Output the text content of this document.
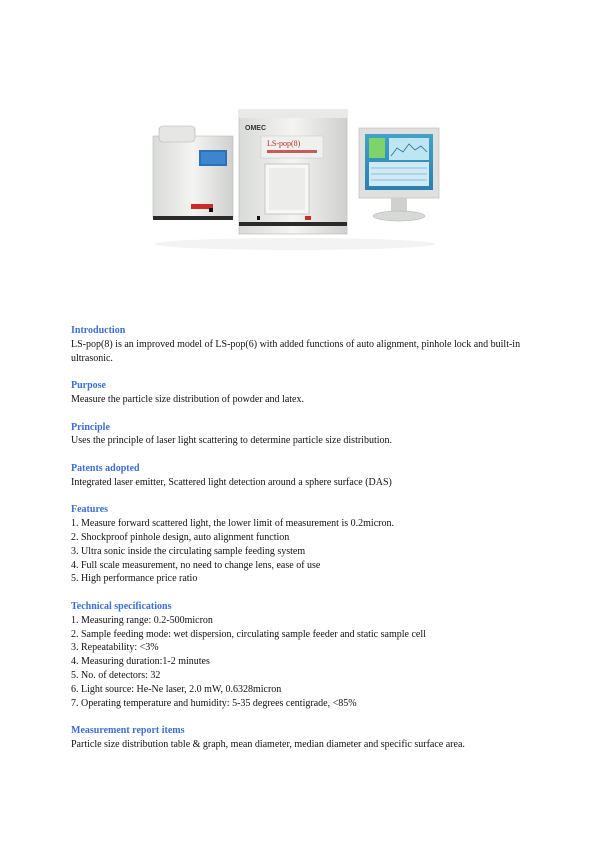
OMEC
LS-pop(8)

Introduction

LS-pop(8) is an improved model of LS-pop(6) with added functions of auto alignment, pinhole lock and built-in ultrasonic.

Purpose

Measure the particle size distribution of powder and latex.

Principle

Uses the principle of laser light scattering to determine particle size distribution.

Patents adopted

Integrated laser emitter, Scattered light detection around a sphere surface (DAS)

Features

1. Measure forward scattered light, the lower limit of measurement is 0.2micron.
2. Shockproof pinhole design, auto alignment function
3. Ultra sonic inside the circulating sample feeding system
4. Full scale measurement, no need to change lens, ease of use
5. High performance price ratio

Technical specifications

1. Measuring range: 0.2-500micron
2. Sample feeding mode: wet dispersion, circulating sample feeder and static sample cell
3. Repeatability: <3%
4. Measuring duration:1-2 minutes
5. No. of detectors: 32
6. Light source: He-Ne laser, 2.0 mW, 0.6328micron
7. Operating temperature and humidity: 5-35 degrees centigrade, <85%

Measurement report items

Particle size distribution table & graph, mean diameter, median diameter and specific surface area.
